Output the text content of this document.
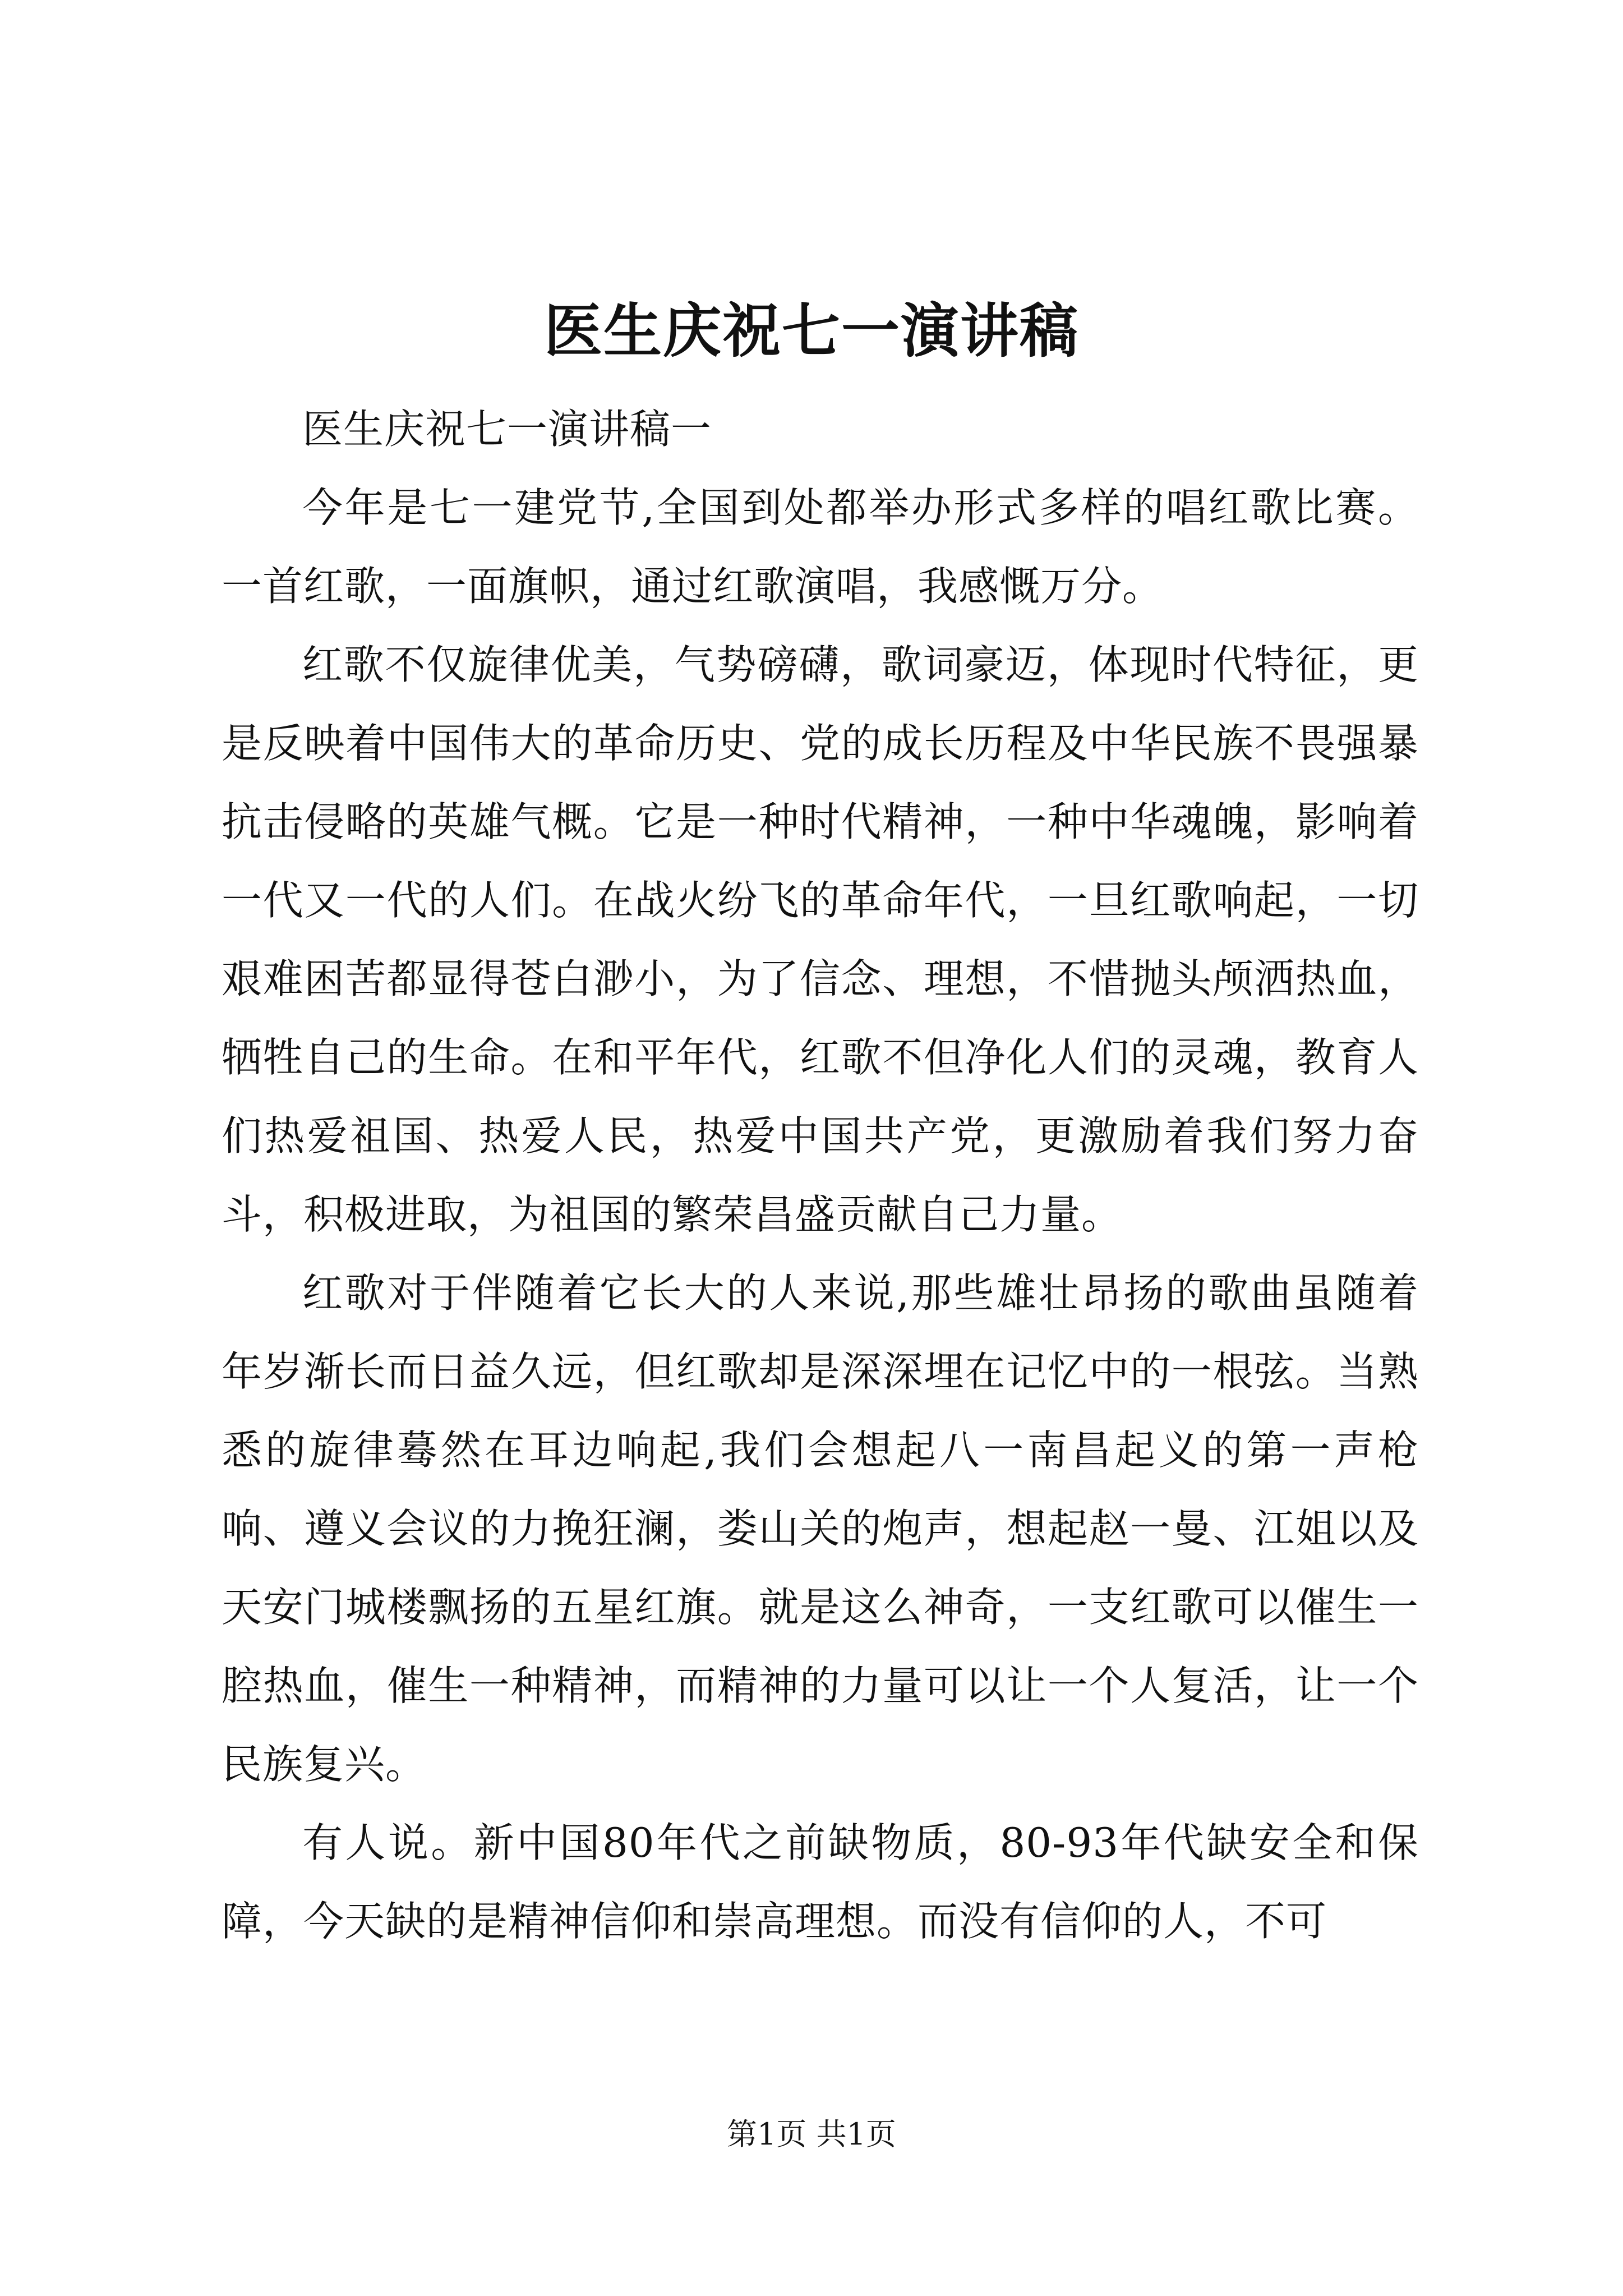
医生庆祝七一演讲稿

医生庆祝七一演讲稿一

今年是七一建党节,全国到处都举办形式多样的唱红歌比赛。一首红歌，一面旗帜，通过红歌演唱，我感慨万分。

红歌不仅旋律优美，气势磅礴，歌词豪迈，体现时代特征，更是反映着中国伟大的革命历史、党的成长历程及中华民族不畏强暴抗击侵略的英雄气概。它是一种时代精神，一种中华魂魄，影响着一代又一代的人们。在战火纷飞的革命年代，一旦红歌响起，一切艰难困苦都显得苍白渺小，为了信念、理想，不惜抛头颅洒热血，牺牲自己的生命。在和平年代，红歌不但净化人们的灵魂，教育人们热爱祖国、热爱人民，热爱中国共产党，更激励着我们努力奋斗，积极进取，为祖国的繁荣昌盛贡献自己力量。

红歌对于伴随着它长大的人来说,那些雄壮昂扬的歌曲虽随着年岁渐长而日益久远，但红歌却是深深埋在记忆中的一根弦。当熟悉的旋律蓦然在耳边响起,我们会想起八一南昌起义的第一声枪响、遵义会议的力挽狂澜，娄山关的炮声，想起赵一曼、江姐以及天安门城楼飘扬的五星红旗。就是这么神奇，一支红歌可以催生一腔热血，催生一种精神，而精神的力量可以让一个人复活，让一个民族复兴。

有人说。新中国80年代之前缺物质，80-93年代缺安全和保障，今天缺的是精神信仰和崇高理想。而没有信仰的人，不可

第1页 共1页
